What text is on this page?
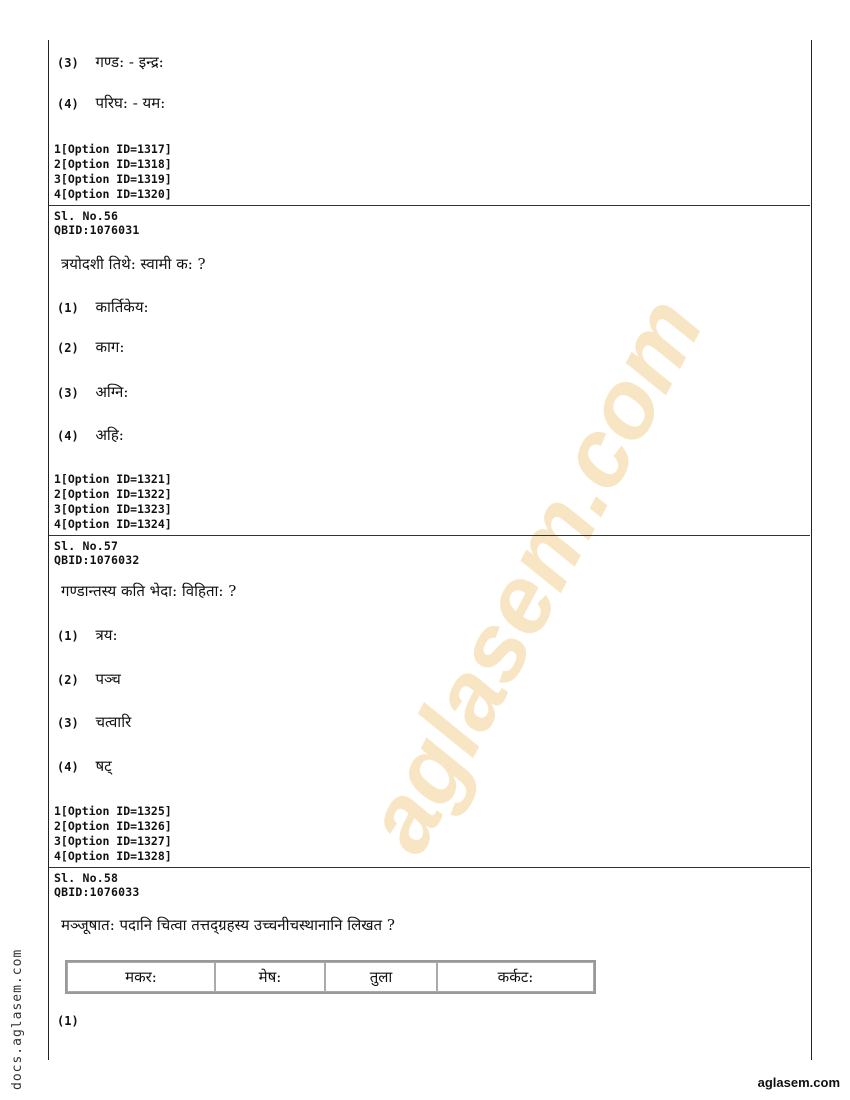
aglasem.com
(3) गण्ड: - इन्द्र:
(4) परिघ: - यम:
1[Option ID=1317]
2[Option ID=1318]
3[Option ID=1319]
4[Option ID=1320]
Sl. No.56
QBID:1076031
त्रयोदशी तिथे: स्वामी क: ?
(1) कार्तिकेय:
(2) काग:
(3) अग्नि:
(4) अहि:
1[Option ID=1321]
2[Option ID=1322]
3[Option ID=1323]
4[Option ID=1324]
Sl. No.57
QBID:1076032
गण्डान्तस्य कति भेदा: विहिता: ?
(1) त्रय:
(2) पञ्च
(3) चत्वारि
(4) षट्
1[Option ID=1325]
2[Option ID=1326]
3[Option ID=1327]
4[Option ID=1328]
Sl. No.58
QBID:1076033
मञ्जूषात: पदानि चित्वा तत्तद्ग्रहस्य उच्चनीचस्थानानि लिखत ?
मकर:	मेष:	तुला	कर्कट:
(1)
docs.aglasem.com	aglasem.com
